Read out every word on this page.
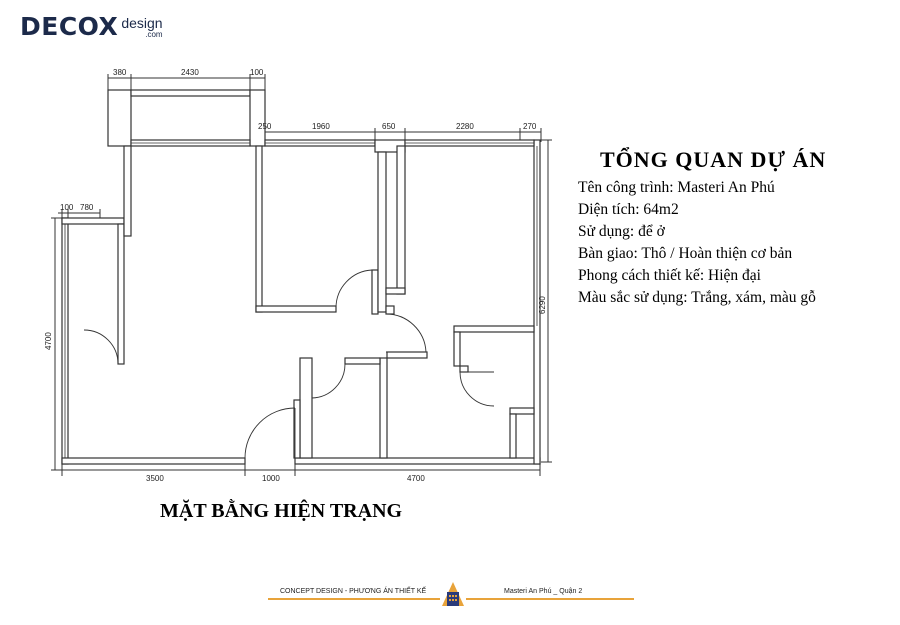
DECOX design
.com
380	2430	100
250	1960	650	2280	270
100 780
4700
6290
3500	1000	4700
TỔNG QUAN DỰ ÁN
Tên công trình: Masteri An Phú
Diện tích: 64m2
Sử dụng: để ở
Bàn giao: Thô / Hoàn thiện cơ bản
Phong cách thiết kế: Hiện đại
Màu sắc sử dụng: Trắng, xám, màu gỗ
MẶT BẰNG HIỆN TRẠNG
CONCEPT DESIGN - PHƯƠNG ÁN THIẾT KẾ	Masteri An Phú _ Quận 2
